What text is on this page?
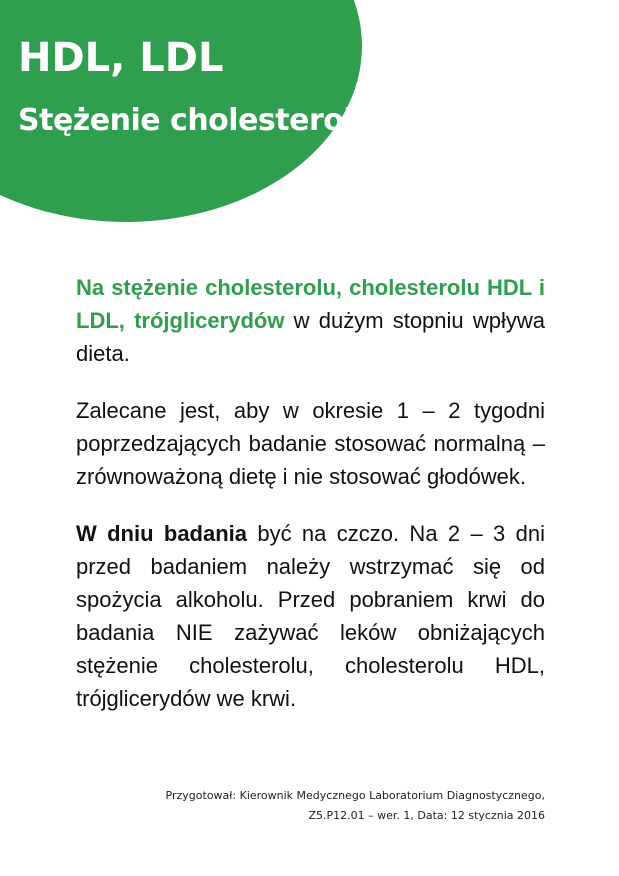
HDL, LDL
Stężenie cholesterolu

Na stężenie cholesterolu, cholesterolu HDL i LDL, trójglicerydów w dużym stopniu wpływa dieta.

Zalecane jest, aby w okresie 1 – 2 tygodni poprzedzających badanie stosować normalną – zrównoważoną dietę i nie stosować głodówek.

W dniu badania być na czczo. Na 2 – 3 dni przed badaniem należy wstrzymać się od spożycia alkoholu. Przed pobraniem krwi do badania NIE zażywać leków obniżających stężenie cholesterolu, cholesterolu HDL, trójglicerydów we krwi.

Przygotował: Kierownik Medycznego Laboratorium Diagnostycznego,
Z5.P12.01 – wer. 1, Data: 12 stycznia 2016
